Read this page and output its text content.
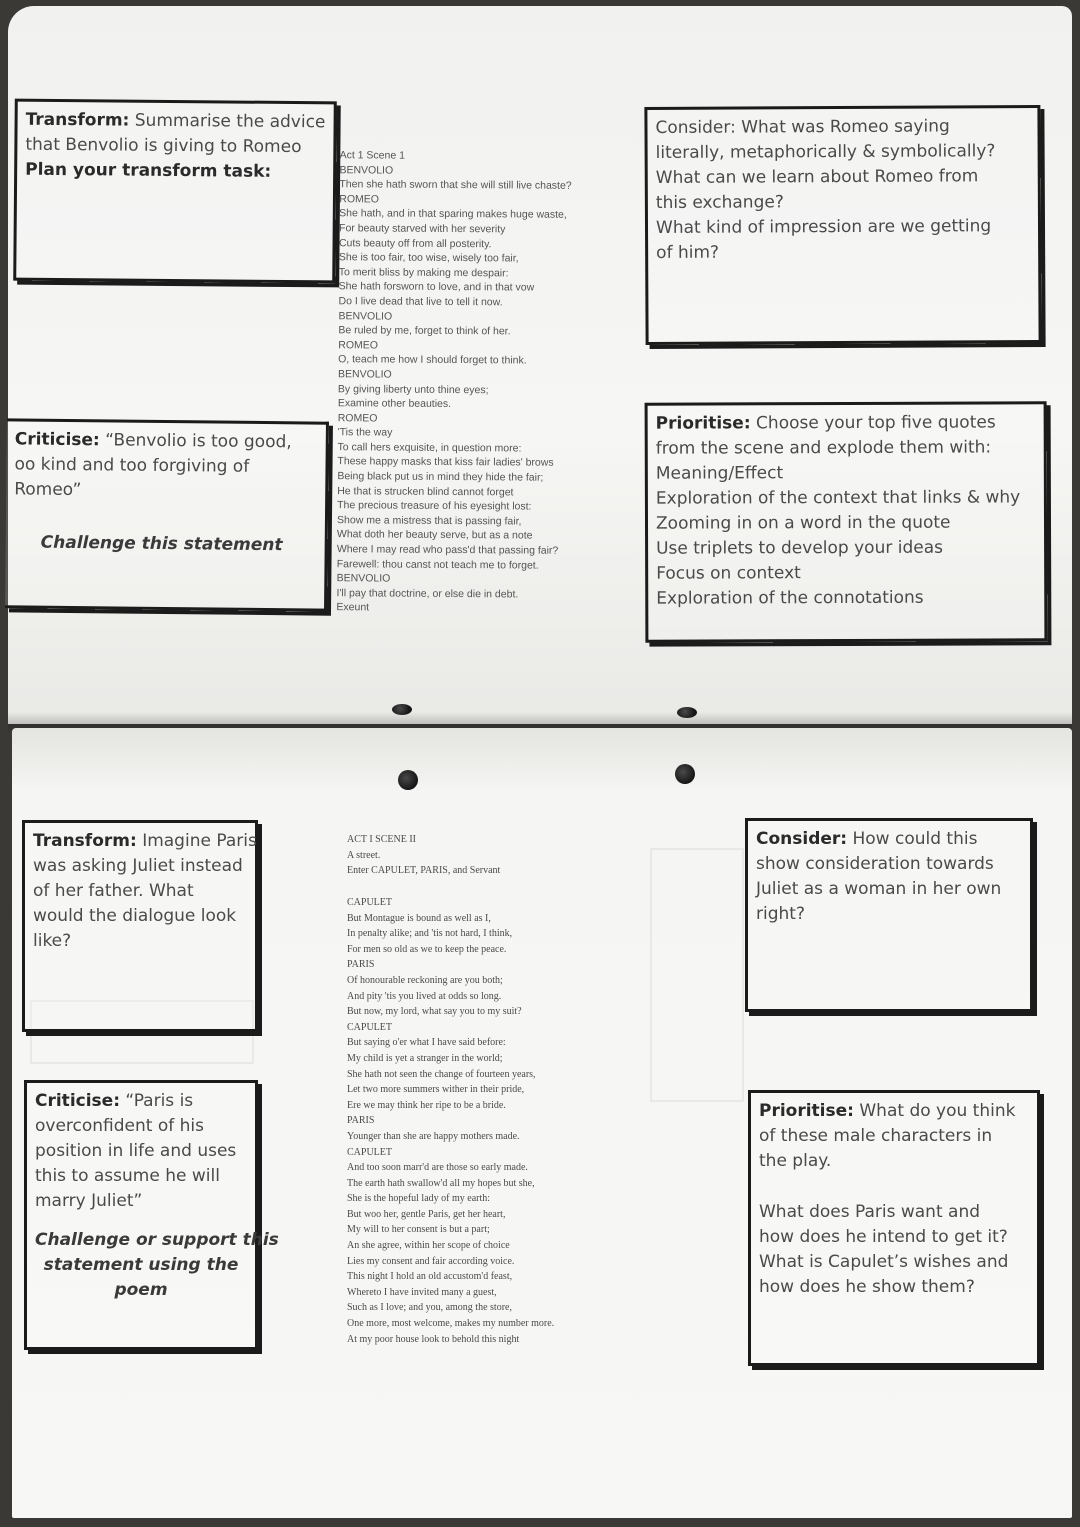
Transform: Summarise the advice
that Benvolio is giving to Romeo
Plan your transform task:
Criticise: “Benvolio is too good,
oo kind and too forgiving of
Romeo”
Challenge this statement
Consider: What was Romeo saying
literally, metaphorically & symbolically?
What can we learn about Romeo from
this exchange?
What kind of impression are we getting
of him?
Prioritise: Choose your top five quotes
from the scene and explode them with:
Meaning/Effect
Exploration of the context that links & why
Zooming in on a word in the quote
Use triplets to develop your ideas
Focus on context
Exploration of the connotations
Act 1 Scene 1
BENVOLIO
Then she hath sworn that she will still live chaste?
ROMEO
She hath, and in that sparing makes huge waste,
For beauty starved with her severity
Cuts beauty off from all posterity.
She is too fair, too wise, wisely too fair,
To merit bliss by making me despair:
She hath forsworn to love, and in that vow
Do I live dead that live to tell it now.
BENVOLIO
Be ruled by me, forget to think of her.
ROMEO
O, teach me how I should forget to think.
BENVOLIO
By giving liberty unto thine eyes;
Examine other beauties.
ROMEO
'Tis the way
To call hers exquisite, in question more:
These happy masks that kiss fair ladies' brows
Being black put us in mind they hide the fair;
He that is strucken blind cannot forget
The precious treasure of his eyesight lost:
Show me a mistress that is passing fair,
What doth her beauty serve, but as a note
Where I may read who pass'd that passing fair?
Farewell: thou canst not teach me to forget.
BENVOLIO
I'll pay that doctrine, or else die in debt.
Exeunt
Transform: Imagine Paris
was asking Juliet instead
of her father. What
would the dialogue look
like?
Criticise: “Paris is
overconfident of his
position in life and uses
this to assume he will
marry Juliet”
Challenge or support this
statement using the
poem
Consider: How could this
show consideration towards
Juliet as a woman in her own
right?
Prioritise: What do you think
of these male characters in
the play.
What does Paris want and
how does he intend to get it?
What is Capulet’s wishes and
how does he show them?
ACT I SCENE II
A street.
Enter CAPULET, PARIS, and Servant
CAPULET
But Montague is bound as well as I,
In penalty alike; and 'tis not hard, I think,
For men so old as we to keep the peace.
PARIS
Of honourable reckoning are you both;
And pity 'tis you lived at odds so long.
But now, my lord, what say you to my suit?
CAPULET
But saying o'er what I have said before:
My child is yet a stranger in the world;
She hath not seen the change of fourteen years,
Let two more summers wither in their pride,
Ere we may think her ripe to be a bride.
PARIS
Younger than she are happy mothers made.
CAPULET
And too soon marr'd are those so early made.
The earth hath swallow'd all my hopes but she,
She is the hopeful lady of my earth:
But woo her, gentle Paris, get her heart,
My will to her consent is but a part;
An she agree, within her scope of choice
Lies my consent and fair according voice.
This night I hold an old accustom'd feast,
Whereto I have invited many a guest,
Such as I love; and you, among the store,
One more, most welcome, makes my number more.
At my poor house look to behold this night
